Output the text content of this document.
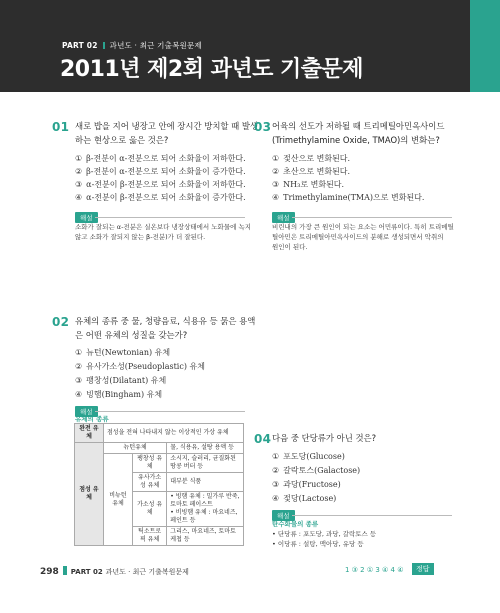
PART 02 과년도 · 최근 기출복원문제
2011년 제2회 과년도 기출문제
01 새로 밥을 지어 냉장고 안에 장시간 방치할 때 발생
하는 현상으로 옳은 것은?
① β-전분이 α-전분으로 되어 소화율이 저하한다.
② β-전분이 α-전분으로 되어 소화율이 증가한다.
③ α-전분이 β-전분으로 되어 소화율이 저하한다.
④ α-전분이 β-전분으로 되어 소화율이 증가한다.
해설
소화가 잘되는 α-전분은 실온보다 냉장상태에서 노화물에 녹지
않고 소화가 잘되지 않는 β-전분)가 더 잘된다.
03 어육의 선도가 저하될 때 트리메틸아민옥사이드
(Trimethylamine Oxide, TMAO)의 변화는?
① 젖산으로 변화된다.
② 초산으로 변화된다.
③ NH₃로 변화된다.
④ Trimethylamine(TMA)으로 변화된다.
해설
비린내의 가장 큰 원인이 되는 요소는 어민류이다. 특히 트리메틸
틸아민은 트리메틸아민옥사이드의 분해로 생성되면서 악취의
원인이 된다.
02 유체의 종류 중 물, 청량음료, 식용유 등 묽은 용액
은 어떤 유체의 성질을 갖는가?
① 뉴턴(Newtonian) 유체
② 유사가소성(Pseudoplastic) 유체
③ 팽창성(Dilatant) 유체
④ 빙햄(Bingham) 유체
해설
유체의 종류
완전 유체	점성을 전혀 나타내지 않는 이상적인 가상 유체		
점성 유체	뉴턴유체		물, 식용유, 설탕 용액 등
	비뉴턴 유체	팽창성 유체	소시지, 슬러리, 균질화된 땅콩 버터 등
		유사가소성 유체	대부분 식품
		가소성 유체	• 빙햄 유체 : 밀가루 반죽, 토마토 페이스트
• 비빙햄 유체 : 마요네즈, 페인트 등
		틱소트로픽 유체	그리스, 마요네즈, 토마토 케첩 등
04 다음 중 단당류가 아닌 것은?
① 포도당(Glucose)
② 갈락토스(Galactose)
③ 과당(Fructose)
④ 젖당(Lactose)
해설
탄수화물의 종류
• 단당류 : 포도당, 과당, 갈락토스 등
• 이당류 : 설탕, 맥아당, 유당 등
298 PART 02 과년도 · 최근 기출복원문제	1 ③ 2 ① 3 ④ 4 ④	정답
